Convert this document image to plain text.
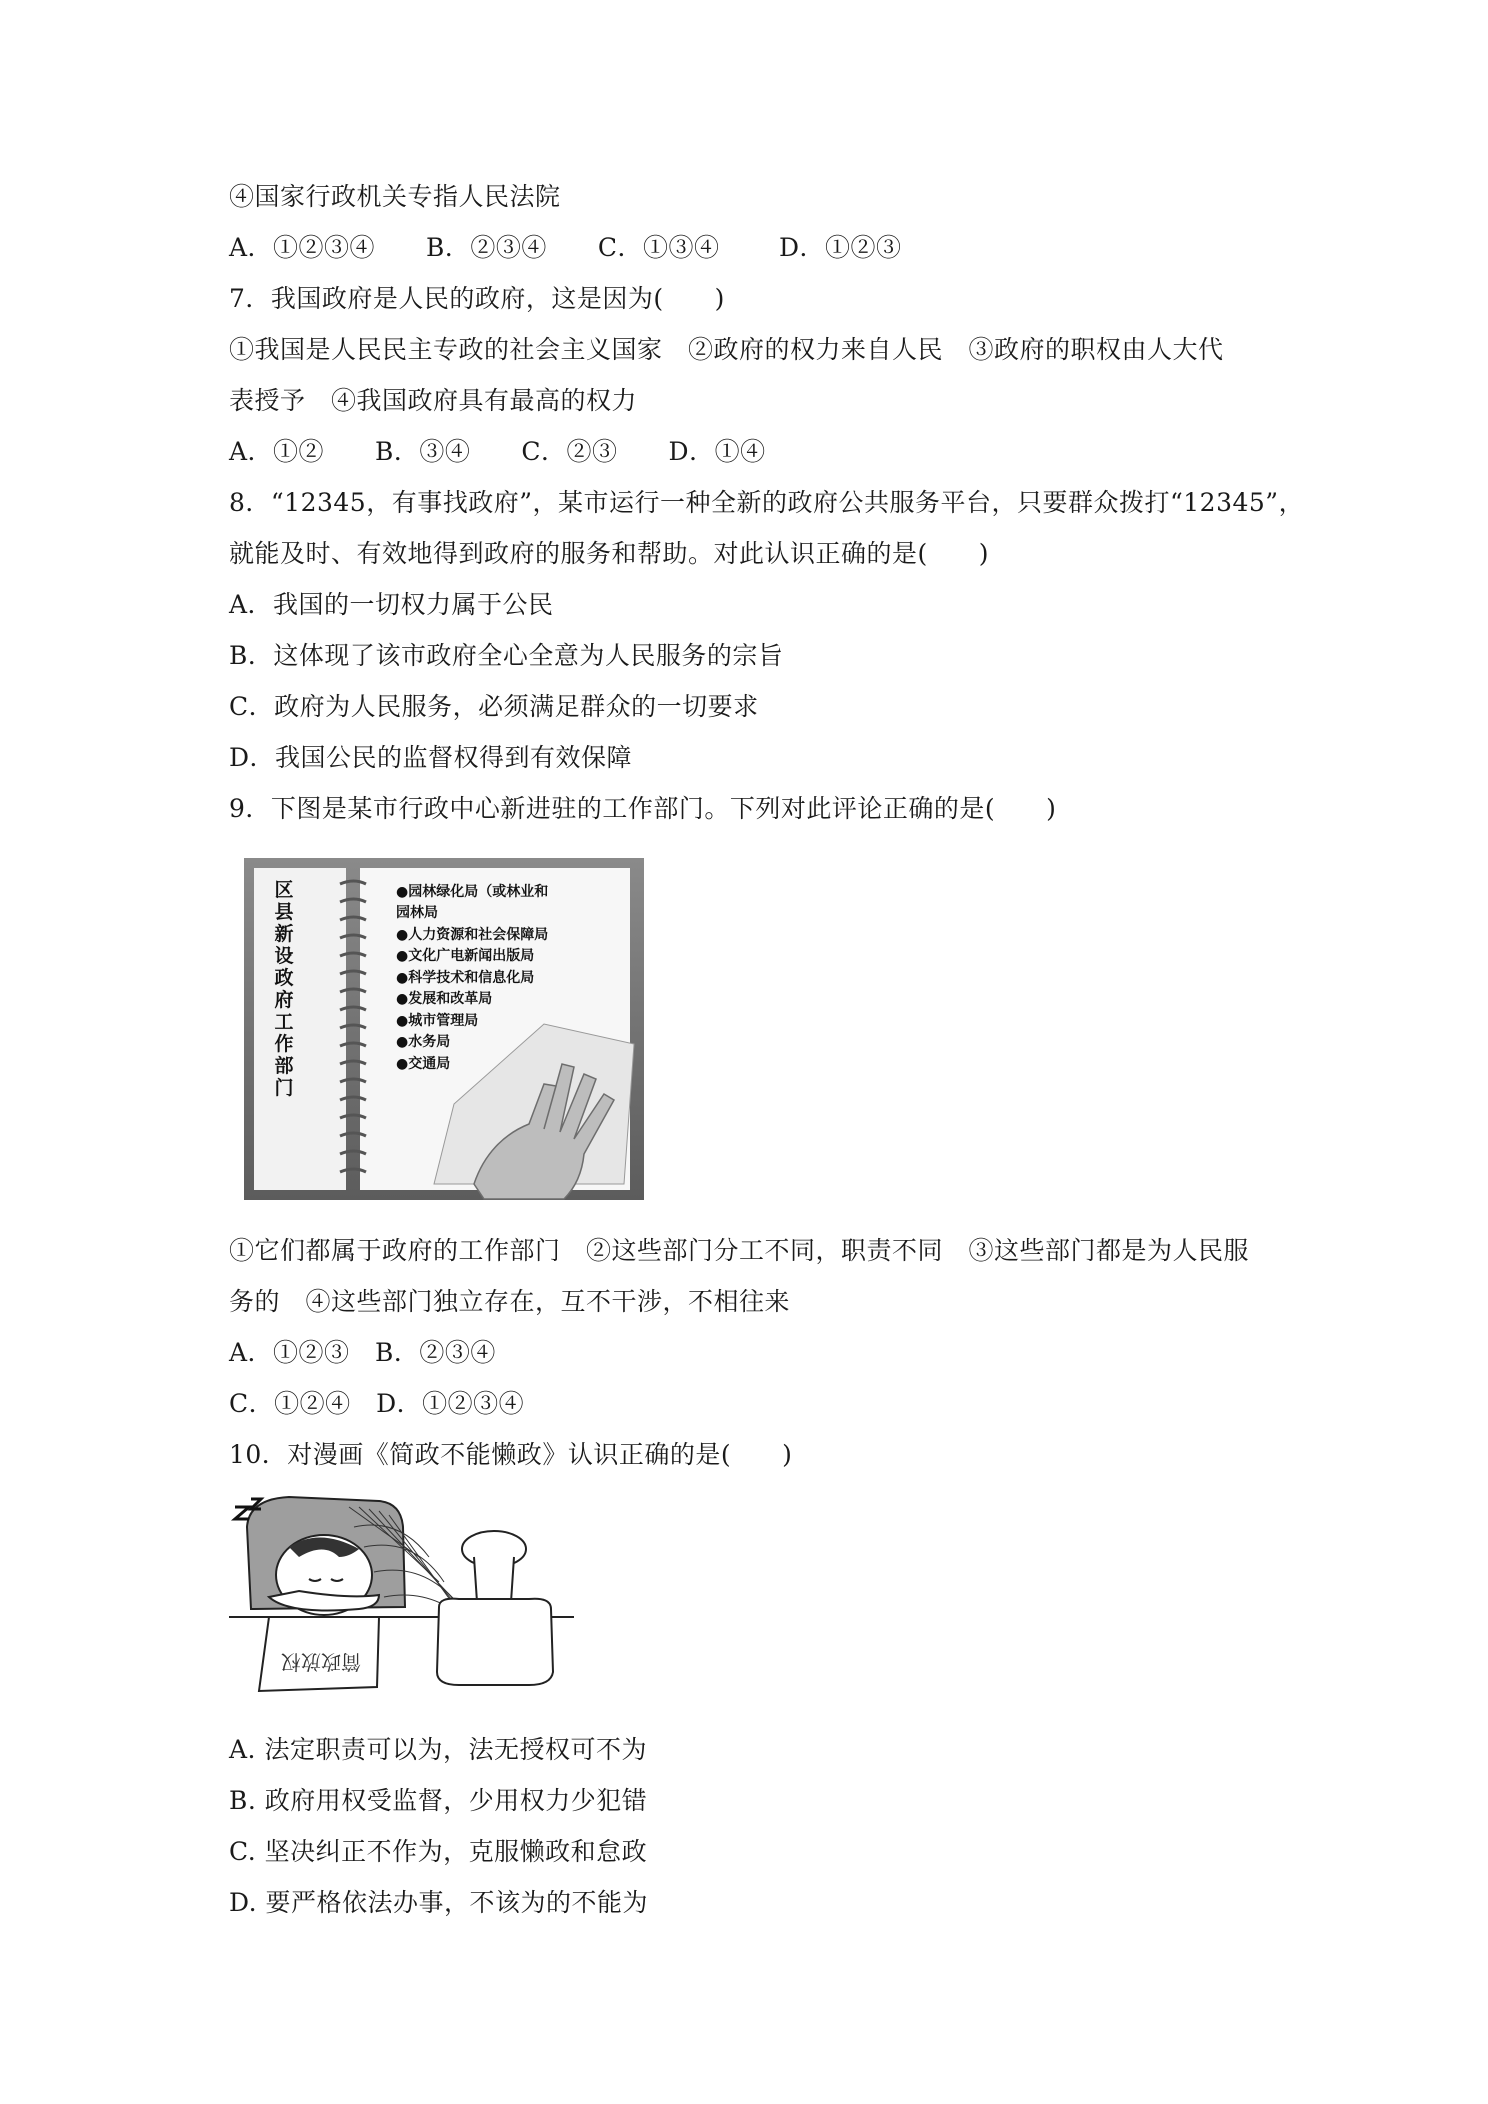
④国家行政机关专指人民法院
A．①②③④　　B．②③④　　C．①③④　　 D．①②③
7．我国政府是人民的政府，这是因为(　　)
①我国是人民民主专政的社会主义国家　②政府的权力来自人民　③政府的职权由人大代
表授予　④我国政府具有最高的权力
A．①②　　B．③④　　C．②③　　D．①④
8．“12345，有事找政府”，某市运行一种全新的政府公共服务平台，只要群众拨打“12345”，
就能及时、有效地得到政府的服务和帮助。对此认识正确的是(　　)
A．我国的一切权力属于公民
B．这体现了该市政府全心全意为人民服务的宗旨
C．政府为人民服务，必须满足群众的一切要求
D．我国公民的监督权得到有效保障
9．下图是某市行政中心新进驻的工作部门。下列对此评论正确的是(　　)
区
县
新
设
政
府
工
作
部
门
●园林绿化局（或林业和
园林局
●人力资源和社会保障局
●文化广电新闻出版局
●科学技术和信息化局
●发展和改革局
●城市管理局
●水务局
●交通局
①它们都属于政府的工作部门　②这些部门分工不同，职责不同　③这些部门都是为人民服
务的　④这些部门独立存在，互不干涉，不相往来
A．①②③　B．②③④
C．①②④　D．①②③④
10．对漫画《简政不能懒政》认识正确的是(　　)
简政放权
A. 法定职责可以为，法无授权可不为
B. 政府用权受监督，少用权力少犯错
C. 坚决纠正不作为，克服懒政和怠政
D. 要严格依法办事，不该为的不能为
